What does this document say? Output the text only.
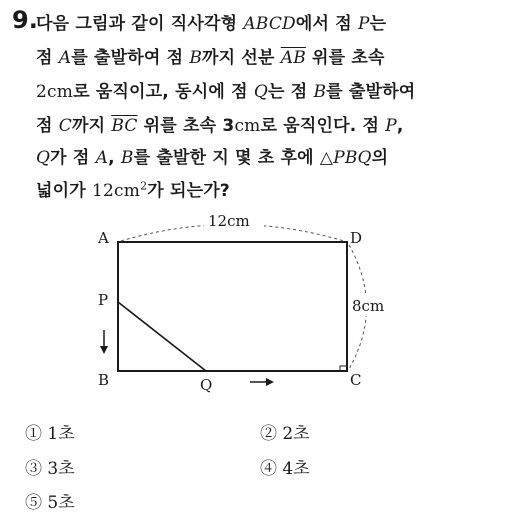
9.
다음 그림과 같이 직사각형 ABCD에서 점 P는
점 A를 출발하여 점 B까지 선분 $\overline{AB}$ 위를 초속
2cm로 움직이고, 동시에 점 Q는 점 B를 출발하여
점 C까지 $\overline{BC}$ 위를 초속 3cm로 움직인다. 점 P,
Q가 점 A, B를 출발한 지 몇 초 후에 △PBQ의
넓이가 $12cm^2$가 되는가?
A	D
P
B	Q	C
12cm
8cm
① 1초	② 2초
③ 3초	④ 4초
⑤ 5초
